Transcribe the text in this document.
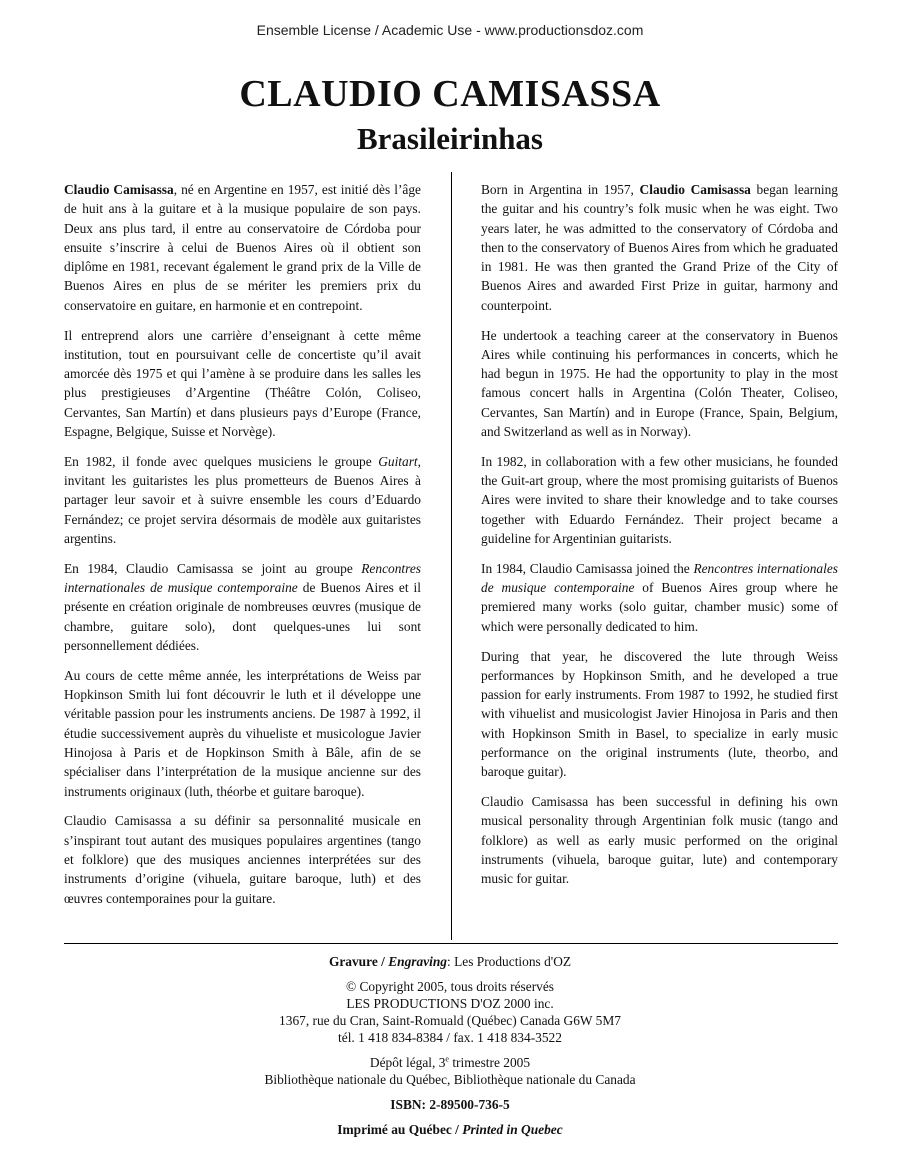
Ensemble License / Academic Use - www.productionsdoz.com
CLAUDIO CAMISASSA
Brasileirinhas

Claudio Camisassa, né en Argentine en 1957, est initié dès l’âge de huit ans à la guitare et à la musique populaire de son pays. Deux ans plus tard, il entre au conservatoire de Córdoba pour ensuite s’inscrire à celui de Buenos Aires où il obtient son diplôme en 1981, recevant également le grand prix de la Ville de Buenos Aires en plus de se mériter les premiers prix du conservatoire en guitare, en harmonie et en contrepoint.

Il entreprend alors une carrière d’enseignant à cette même institution, tout en poursuivant celle de concertiste qu’il avait amorcée dès 1975 et qui l’amène à se produire dans les salles les plus prestigieuses d’Argentine (Théâtre Colón, Coliseo, Cervantes, San Martín) et dans plusieurs pays d’Europe (France, Espagne, Belgique, Suisse et Norvège).

En 1982, il fonde avec quelques musiciens le groupe Guitart, invitant les guitaristes les plus prometteurs de Buenos Aires à partager leur savoir et à suivre ensemble les cours d’Eduardo Fernández; ce projet servira désormais de modèle aux guitaristes argentins.

En 1984, Claudio Camisassa se joint au groupe Rencontres internationales de musique contemporaine de Buenos Aires et il présente en création originale de nombreuses œuvres (musique de chambre, guitare solo), dont quelques-unes lui sont personnellement dédiées.

Au cours de cette même année, les interprétations de Weiss par Hopkinson Smith lui font découvrir le luth et il développe une véritable passion pour les instruments anciens. De 1987 à 1992, il étudie successivement auprès du vihueliste et musicologue Javier Hinojosa à Paris et de Hopkinson Smith à Bâle, afin de se spécialiser dans l’interprétation de la musique ancienne sur des instruments originaux (luth, théorbe et guitare baroque).

Claudio Camisassa a su définir sa personnalité musicale en s’inspirant tout autant des musiques populaires argentines (tango et folklore) que des musiques anciennes interprétées sur des instruments d’origine (vihuela, guitare baroque, luth) et des œuvres contemporaines pour la guitare.

Born in Argentina in 1957, Claudio Camisassa began learning the guitar and his country’s folk music when he was eight. Two years later, he was admitted to the conservatory of Córdoba and then to the conservatory of Buenos Aires from which he graduated in 1981. He was then granted the Grand Prize of the City of Buenos Aires and awarded First Prize in guitar, harmony and counterpoint.

He undertook a teaching career at the conservatory in Buenos Aires while continuing his performances in concerts, which he had begun in 1975. He had the opportunity to play in the most famous concert halls in Argentina (Colón Theater, Coliseo, Cervantes, San Martín) and in Europe (France, Spain, Belgium, and Switzerland as well as in Norway).

In 1982, in collaboration with a few other musicians, he founded the Guit-art group, where the most promising guitarists of Buenos Aires were invited to share their knowledge and to take courses together with Eduardo Fernández. Their project became a guideline for Argentinian guitarists.

In 1984, Claudio Camisassa joined the Rencontres internationales de musique contemporaine of Buenos Aires group where he premiered many works (solo guitar, chamber music) some of which were personally dedicated to him.

During that year, he discovered the lute through Weiss performances by Hopkinson Smith, and he developed a true passion for early instruments. From 1987 to 1992, he studied first with vihuelist and musicologist Javier Hinojosa in Paris and then with Hopkinson Smith in Basel, to specialize in early music performance on the original instruments (lute, theorbo, and baroque guitar).

Claudio Camisassa has been successful in defining his own musical personality through Argentinian folk music (tango and folklore) as well as early music performed on the original instruments (vihuela, baroque guitar, lute) and contemporary music for guitar.

Gravure / Engraving: Les Productions d'OZ
© Copyright 2005, tous droits réservés
LES PRODUCTIONS D'OZ 2000 inc.
1367, rue du Cran, Saint-Romuald (Québec) Canada G6W 5M7
tél. 1 418 834-8384 / fax. 1 418 834-3522
Dépôt légal, 3e trimestre 2005
Bibliothèque nationale du Québec, Bibliothèque nationale du Canada
ISBN: 2-89500-736-5
Imprimé au Québec / Printed in Quebec
